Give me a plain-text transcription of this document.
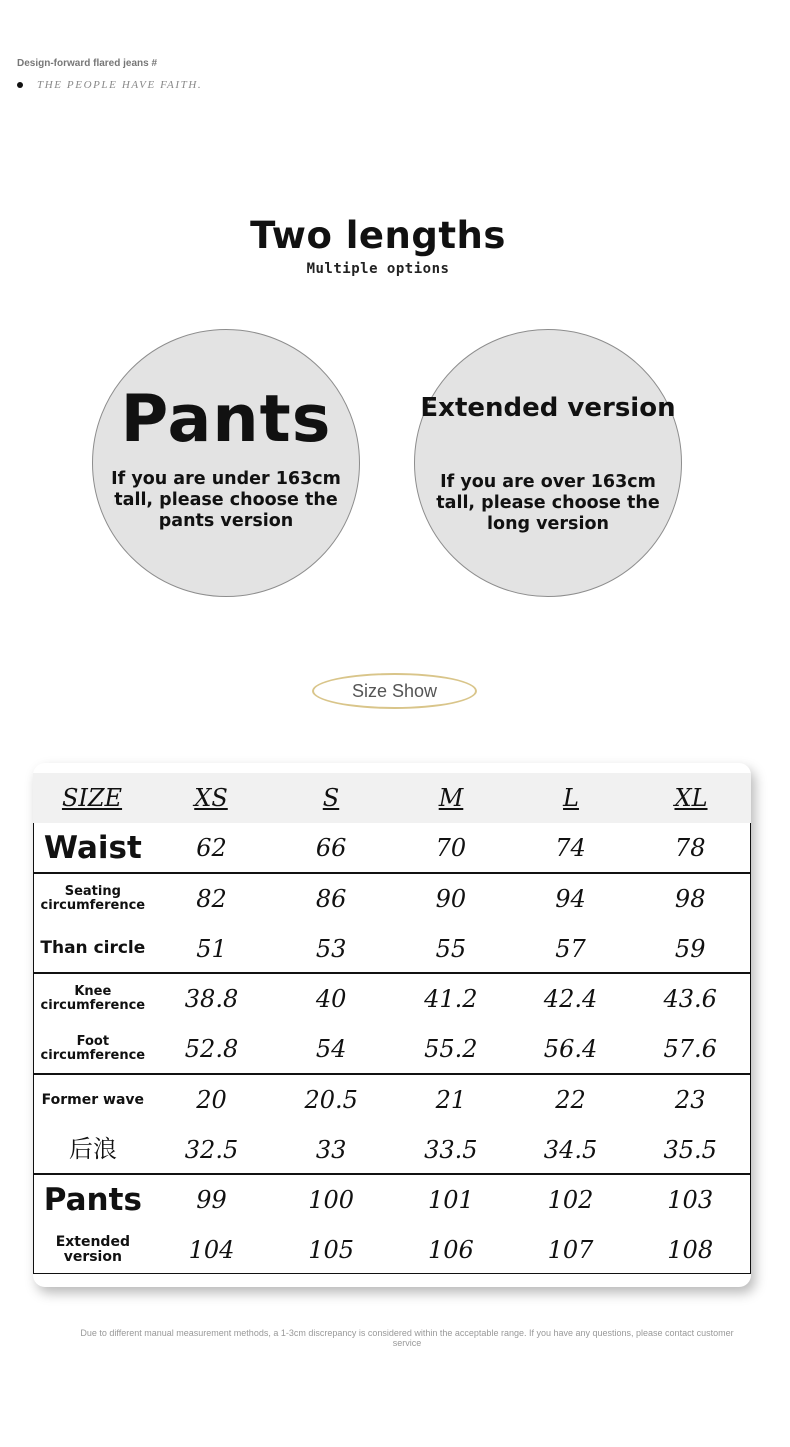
Design-forward flared jeans #
THE PEOPLE HAVE FAITH.
Two lengths
Multiple options
Pants
If you are under 163cm tall, please choose the pants version
Extended version
If you are over 163cm tall, please choose the long version
Size Show
SIZE	XS	S	M	L	XL
Waist	62	66	70	74	78
Seating circumference	82	86	90	94	98
Than circle	51	53	55	57	59
Knee circumference	38.8	40	41.2	42.4	43.6
Foot circumference	52.8	54	55.2	56.4	57.6
Former wave	20	20.5	21	22	23
后浪	32.5	33	33.5	34.5	35.5
Pants	99	100	101	102	103
Extended version	104	105	106	107	108
Due to different manual measurement methods, a 1-3cm discrepancy is considered within the acceptable range. If you have any questions, please contact customer service
